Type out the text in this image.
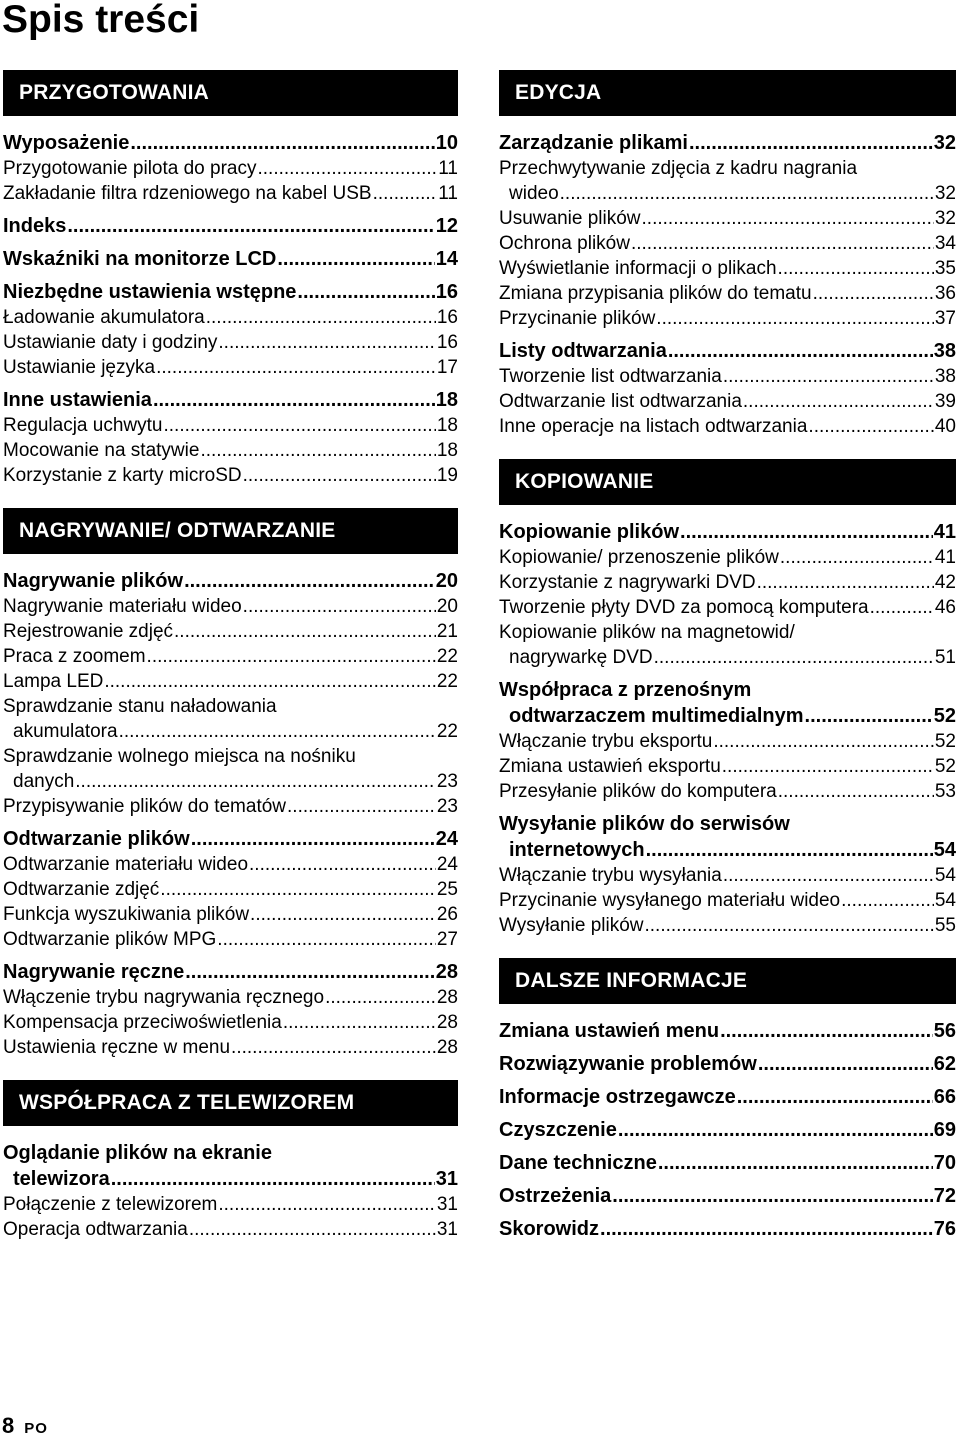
Spis treści
PRZYGOTOWANIA
Wyposażenie .....	10
Przygotowanie pilota do pracy .....	11
Zakładanie filtra rdzeniowego na kabel USB .....	11
Indeks .....	12
Wskaźniki na monitorze LCD .....	14
Niezbędne ustawienia wstępne .....	16
Ładowanie akumulatora .....	16
Ustawianie daty i godziny .....	16
Ustawianie języka .....	17
Inne ustawienia .....	18
Regulacja uchwytu .....	18
Mocowanie na statywie .....	18
Korzystanie z karty microSD .....	19
NAGRYWANIE/ ODTWARZANIE
Nagrywanie plików .....	20
Nagrywanie materiału wideo .....	20
Rejestrowanie zdjęć .....	21
Praca z zoomem .....	22
Lampa LED .....	22
Sprawdzanie stanu naładowania
akumulatora .....	22
Sprawdzanie wolnego miejsca na nośniku
danych .....	23
Przypisywanie plików do tematów .....	23
Odtwarzanie plików .....	24
Odtwarzanie materiału wideo .....	24
Odtwarzanie zdjęć .....	25
Funkcja wyszukiwania plików .....	26
Odtwarzanie plików MPG .....	27
Nagrywanie ręczne .....	28
Włączenie trybu nagrywania ręcznego .....	28
Kompensacja przeciwoświetlenia .....	28
Ustawienia ręczne w menu .....	28
WSPÓŁPRACA Z TELEWIZOREM
Oglądanie plików na ekranie
telewizora .....	31
Połączenie z telewizorem .....	31
Operacja odtwarzania .....	31
EDYCJA
Zarządzanie plikami .....	32
Przechwytywanie zdjęcia z kadru nagrania
wideo .....	32
Usuwanie plików .....	32
Ochrona plików .....	34
Wyświetlanie informacji o plikach .....	35
Zmiana przypisania plików do tematu .....	36
Przycinanie plików .....	37
Listy odtwarzania .....	38
Tworzenie list odtwarzania .....	38
Odtwarzanie list odtwarzania .....	39
Inne operacje na listach odtwarzania .....	40
KOPIOWANIE
Kopiowanie plików .....	41
Kopiowanie/ przenoszenie plików .....	41
Korzystanie z nagrywarki DVD .....	42
Tworzenie płyty DVD za pomocą komputera .....	46
Kopiowanie plików na magnetowid/
nagrywarkę DVD .....	51
Współpraca z przenośnym
odtwarzaczem multimedialnym .....	52
Włączanie trybu eksportu .....	52
Zmiana ustawień eksportu .....	52
Przesyłanie plików do komputera .....	53
Wysyłanie plików do serwisów
internetowych .....	54
Włączanie trybu wysyłania .....	54
Przycinanie wysyłanego materiału wideo .....	54
Wysyłanie plików .....	55
DALSZE INFORMACJE
Zmiana ustawień menu .....	56
Rozwiązywanie problemów .....	62
Informacje ostrzegawcze .....	66
Czyszczenie .....	69
Dane techniczne .....	70
Ostrzeżenia .....	72
Skorowidz .....	76
8 PO
